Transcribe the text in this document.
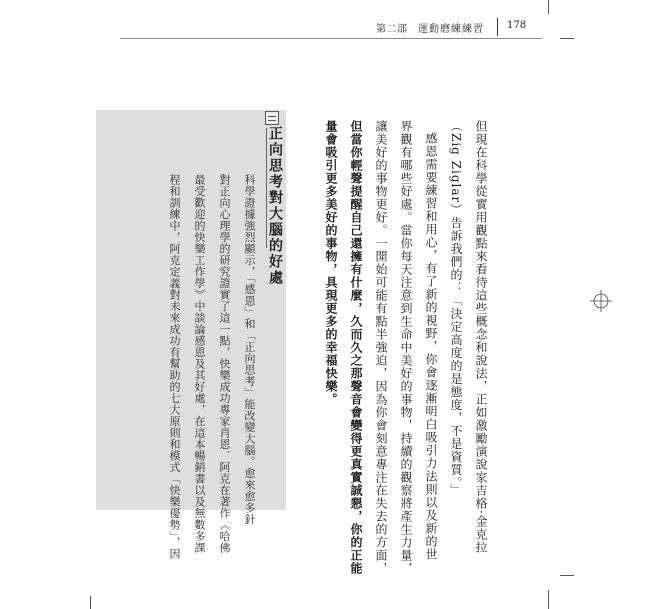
第二部 運動磨練練習 178

但現在科學從實用觀點來看待這些概念和說法，正如激勵演說家吉格·金克拉

（Zig Ziglar）告訴我們的：「決定高度的是態度，不是資質。」

感恩需要練習和用心，有了新的視野，你會逐漸明白吸引力法則以及新的世

界觀有哪些好處。當你每天注意到生命中美好的事物，持續的觀察將產生力量，

讓美好的事物更好。一開始可能有點半強迫，因為你會刻意專注在失去的方面，

但當你輕聲提醒自己還擁有什麼，久而久之那聲音會變得更真實誠懇，你的正能

量會吸引更多美好的事物，具現更多的幸福快樂。

正向思考對大腦的好處

科學證據強烈顯示，「感恩」和「正向思考」能改變大腦。愈來愈多針

對正向心理學的研究證實了這一點，快樂成功專家肖恩．阿克在著作《哈佛

最受歡迎的快樂工作學》中談論感恩及其好處，在這本暢銷書以及無數多課

程和訓練中，阿克定義對未來成功有幫助的七大原則和模式「快樂優勢」，因
